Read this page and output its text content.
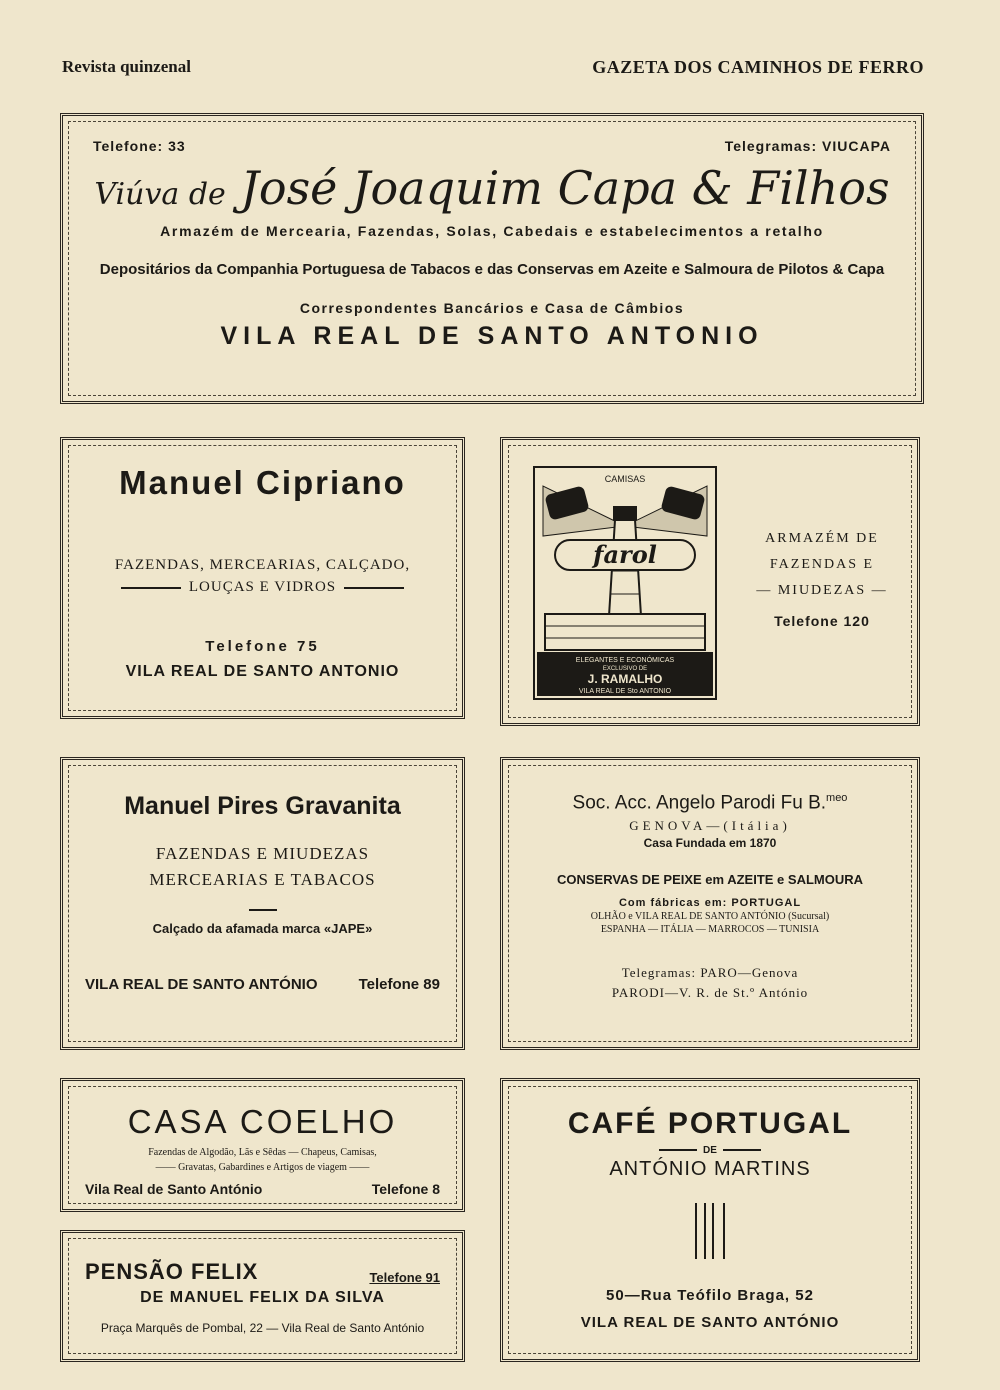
Revista quinzenal	GAZETA DOS CAMINHOS DE FERRO
Telefone: 33	Telegramas: VIUCAPA
Viúva de José Joaquim Capa & Filhos
Armazém de Mercearia, Fazendas, Solas, Cabedais e estabelecimentos a retalho
Depositários da Companhia Portuguesa de Tabacos e das Conservas em Azeite e Salmoura de Pilotos & Capa
Correspondentes Bancários e Casa de Câmbios
VILA REAL DE SANTO ANTONIO
Manuel Cipriano
FAZENDAS, MERCEARIAS, CALÇADO,
LOUÇAS E VIDROS
Telefone 75
VILA REAL DE SANTO ANTONIO
CAMISAS
farol
ELEGANTES E ECONÓMICAS
EXCLUSIVO DE
J. RAMALHO
VILA REAL DE Sto ANTONIO
ARMAZÉM DE
FAZENDAS E
— MIUDEZAS —
Telefone 120
Manuel Pires Gravanita
FAZENDAS E MIUDEZAS
MERCEARIAS E TABACOS
Calçado da afamada marca «JAPE»
VILA REAL DE SANTO ANTÓNIO	Telefone 89
Soc. Acc. Angelo Parodi Fu B.$^{meo}$
GENOVA—(Itália)
Casa Fundada em 1870
CONSERVAS DE PEIXE em AZEITE e SALMOURA
Com fábricas em: PORTUGAL
OLHÃO e VILA REAL DE SANTO ANTÓNIO (Sucursal)
ESPANHA — ITÁLIA — MARROCOS — TUNISIA
Telegramas: PARO—Genova
PARODI—V. R. de St.º António
CASA COELHO
Fazendas de Algodão, Lãs e Sêdas — Chapeus, Camisas,
—— Gravatas, Gabardines e Artigos de viagem ——
Vila Real de Santo António	Telefone 8
PENSÃO FELIX	Telefone 91
DE MANUEL FELIX DA SILVA
Praça Marquês de Pombal, 22 — Vila Real de Santo António
CAFÉ PORTUGAL
DE
ANTÓNIO MARTINS
50—Rua Teófilo Braga, 52
VILA REAL DE SANTO ANTÓNIO
